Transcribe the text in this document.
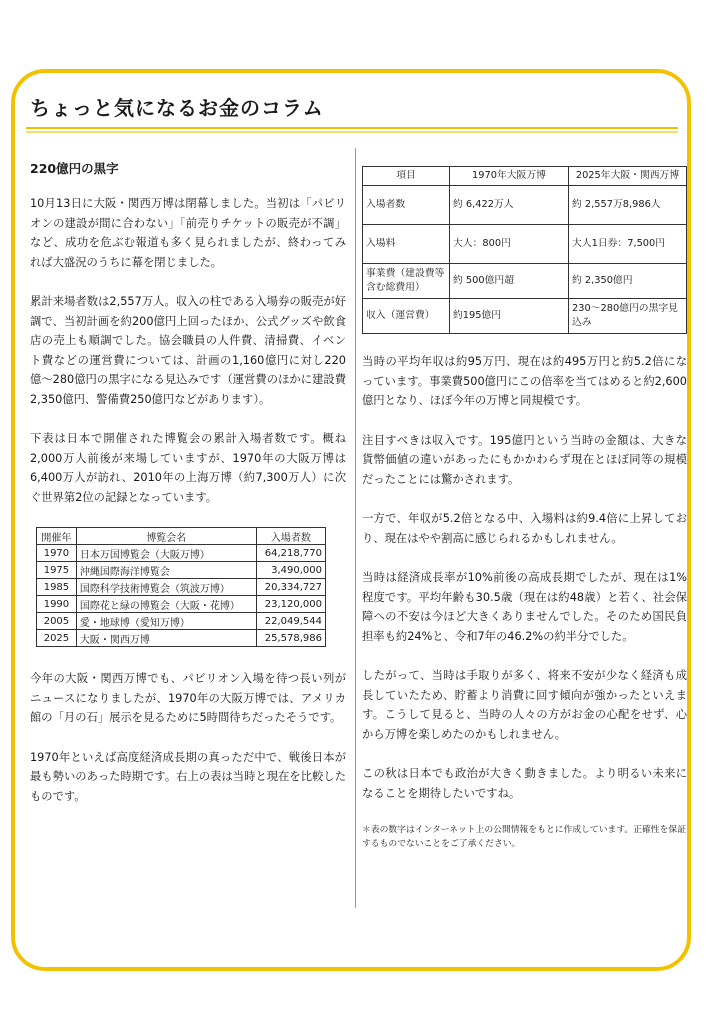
ちょっと気になるお金のコラム

220億円の黒字

10月13日に大阪・関西万博は閉幕しました。当初は「パビリオンの建設が間に合わない」「前売りチケットの販売が不調」など、成功を危ぶむ報道も多く見られましたが、終わってみれば大盛況のうちに幕を閉じました。

累計来場者数は2,557万人。収入の柱である入場券の販売が好調で、当初計画を約200億円上回ったほか、公式グッズや飲食店の売上も順調でした。協会職員の人件費、清掃費、イベント費などの運営費については、計画の1,160億円に対し220億〜280億円の黒字になる見込みです（運営費のほかに建設費2,350億円、警備費250億円などがあります）。

下表は日本で開催された博覧会の累計入場者数です。概ね2,000万人前後が来場していますが、1970年の大阪万博は6,400万人が訪れ、2010年の上海万博（約7,300万人）に次ぐ世界第2位の記録となっています。

開催年	博覧会名	入場者数
1970	日本万国博覧会（大阪万博）	64,218,770
1975	沖縄国際海洋博覧会	3,490,000
1985	国際科学技術博覧会（筑波万博）	20,334,727
1990	国際花と緑の博覧会（大阪・花博）	23,120,000
2005	愛・地球博（愛知万博）	22,049,544
2025	大阪・関西万博	25,578,986

今年の大阪・関西万博でも、パビリオン入場を待つ長い列がニュースになりましたが、1970年の大阪万博では、アメリカ館の「月の石」展示を見るために5時間待ちだったそうです。

1970年といえば高度経済成長期の真っただ中で、戦後日本が最も勢いのあった時期です。右上の表は当時と現在を比較したものです。

項目	1970年大阪万博	2025年大阪・関西万博
入場者数	約 6,422万人	約 2,557万8,986人
入場料	大人：800円	大人1日券：7,500円
事業費（建設費等含む総費用）	約 500億円超	約 2,350億円
収入（運営費）	約195億円	230〜280億円の黒字見込み

当時の平均年収は約95万円、現在は約495万円と約5.2倍になっています。事業費500億円にこの倍率を当てはめると約2,600億円となり、ほぼ今年の万博と同規模です。

注目すべきは収入です。195億円という当時の金額は、大きな貨幣価値の違いがあったにもかかわらず現在とほぼ同等の規模だったことには驚かされます。

一方で、年収が5.2倍となる中、入場料は約9.4倍に上昇しており、現在はやや割高に感じられるかもしれません。

当時は経済成長率が10%前後の高成長期でしたが、現在は1%程度です。平均年齢も30.5歳（現在は約48歳）と若く、社会保障への不安は今ほど大きくありませんでした。そのため国民負担率も約24%と、令和7年の46.2%の約半分でした。

したがって、当時は手取りが多く、将来不安が少なく経済も成長していたため、貯蓄より消費に回す傾向が強かったといえます。こうして見ると、当時の人々の方がお金の心配をせず、心から万博を楽しめたのかもしれません。

この秋は日本でも政治が大きく動きました。より明るい未来になることを期待したいですね。

＊表の数字はインターネット上の公開情報をもとに作成しています。正確性を保証するものでないことをご了承ください。
